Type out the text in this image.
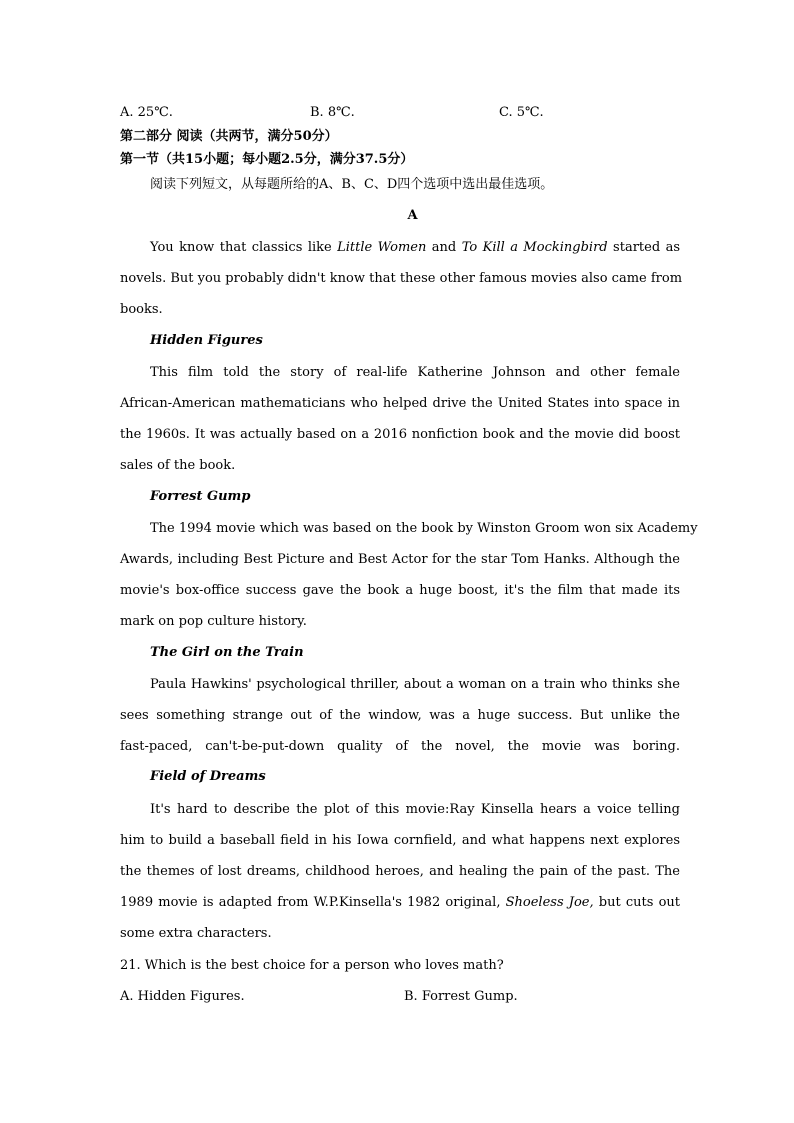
A. 25℃.	B. 8℃.	C. 5℃.
第二部分 阅读（共两节，满分50分）
第一节（共15小题；每小题2.5分，满分37.5分）
阅读下列短文，从每题所给的A、B、C、D四个选项中选出最佳选项。
A
You know that classics like Little Women and To Kill a Mockingbird started as
novels. But you probably didn't know that these other famous movies also came from
books.
Hidden Figures
This film told the story of real-life Katherine Johnson and other female
African-American mathematicians who helped drive the United States into space in
the 1960s. It was actually based on a 2016 nonfiction book and the movie did boost
sales of the book.
Forrest Gump
The 1994 movie which was based on the book by Winston Groom won six Academy
Awards, including Best Picture and Best Actor for the star Tom Hanks. Although the
movie's box-office success gave the book a huge boost, it's the film that made its
mark on pop culture history.
The Girl on the Train
Paula Hawkins' psychological thriller, about a woman on a train who thinks she
sees something strange out of the window, was a huge success. But unlike the
fast-paced, can't-be-put-down quality of the novel, the movie was boring.
Field of Dreams
It's hard to describe the plot of this movie:Ray Kinsella hears a voice telling
him to build a baseball field in his Iowa cornfield, and what happens next explores
the themes of lost dreams, childhood heroes, and healing the pain of the past. The
1989 movie is adapted from W.P.Kinsella's 1982 original, Shoeless Joe, but cuts out
some extra characters.
21. Which is the best choice for a person who loves math?
A. Hidden Figures.	B. Forrest Gump.
